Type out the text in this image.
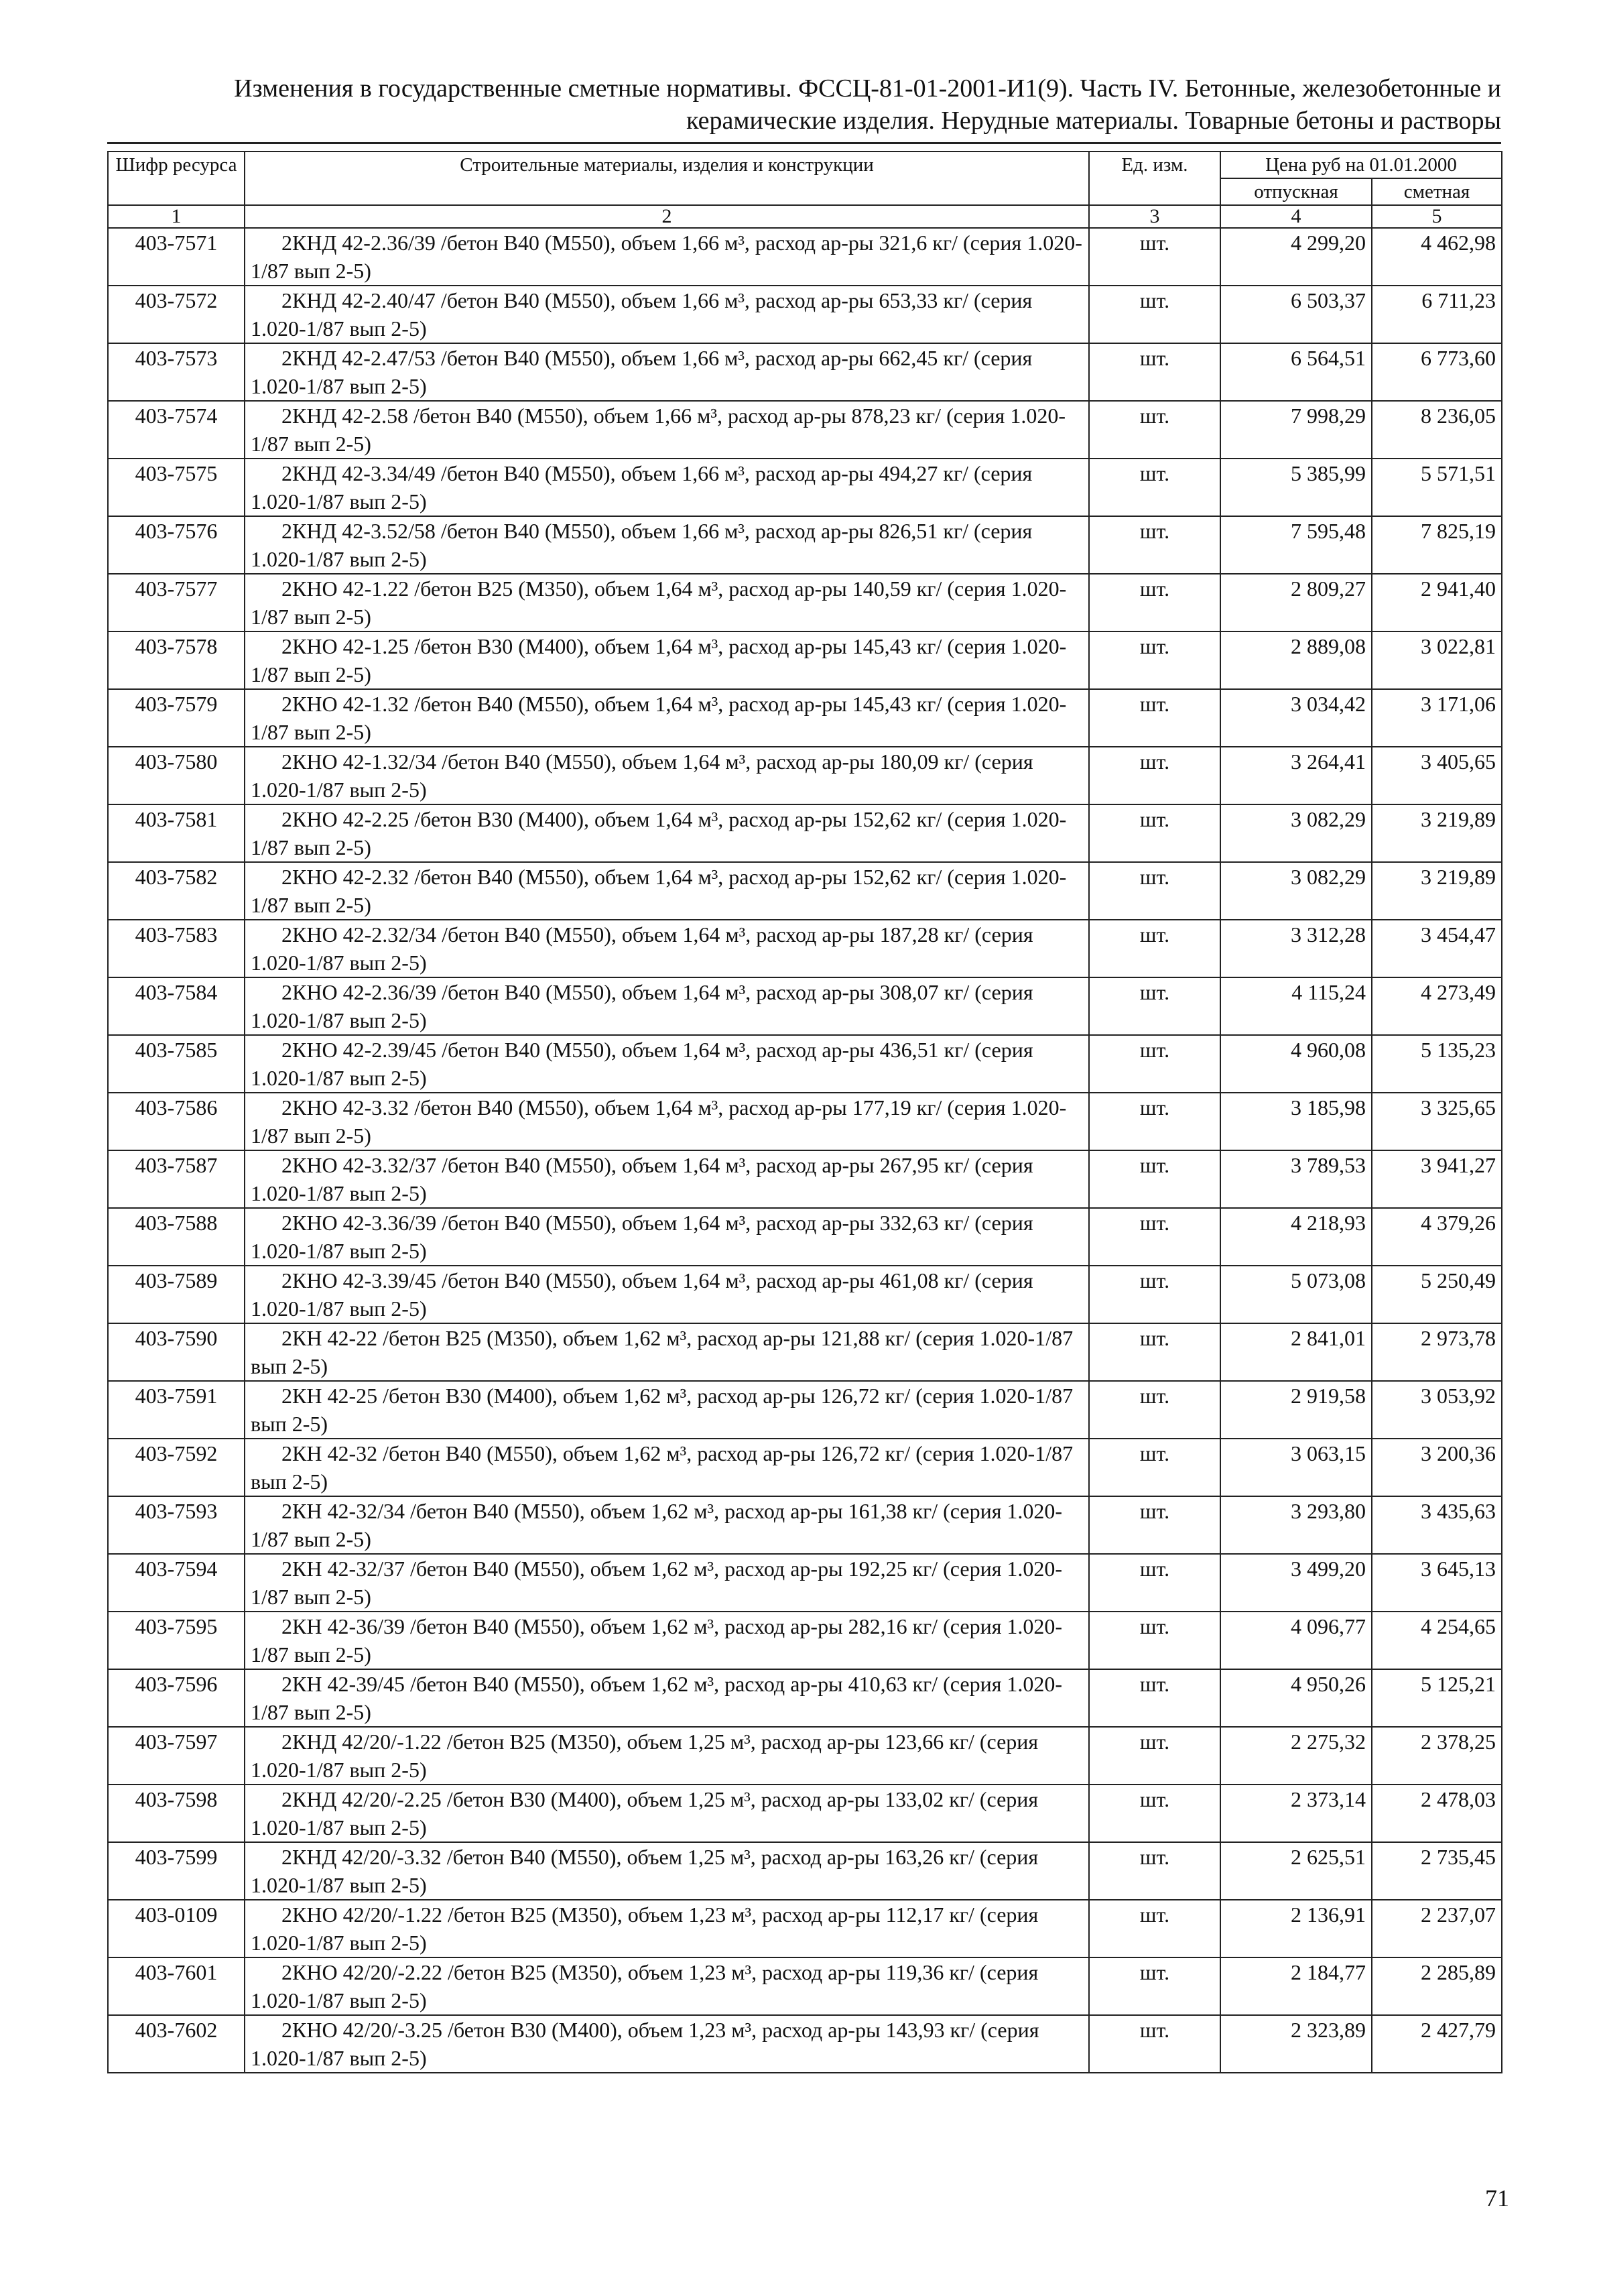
Изменения в государственные сметные нормативы. ФССЦ-81-01-2001-И1(9). Часть IV. Бетонные, железобетонные и
керамические изделия. Нерудные материалы. Товарные бетоны и растворы
Шифр ресурса	Строительные материалы, изделия и конструкции	Ед. изм.	Цена руб на 01.01.2000	
			отпускная	сметная
1	2	3	4	5
403-7571	2КНД 42-2.36/39 /бетон В40 (М550), объем 1,66 м³, расход ар-ры 321,6 кг/ (серия 1.020-1/87 вып 2-5)	шт.	4 299,20	4 462,98
403-7572	2КНД 42-2.40/47 /бетон В40 (М550), объем 1,66 м³, расход ар-ры 653,33 кг/ (серия 1.020-1/87 вып 2-5)	шт.	6 503,37	6 711,23
403-7573	2КНД 42-2.47/53 /бетон В40 (М550), объем 1,66 м³, расход ар-ры 662,45 кг/ (серия 1.020-1/87 вып 2-5)	шт.	6 564,51	6 773,60
403-7574	2КНД 42-2.58 /бетон В40 (М550), объем 1,66 м³, расход ар-ры 878,23 кг/ (серия 1.020-1/87 вып 2-5)	шт.	7 998,29	8 236,05
403-7575	2КНД 42-3.34/49 /бетон В40 (М550), объем 1,66 м³, расход ар-ры 494,27 кг/ (серия 1.020-1/87 вып 2-5)	шт.	5 385,99	5 571,51
403-7576	2КНД 42-3.52/58 /бетон В40 (М550), объем 1,66 м³, расход ар-ры 826,51 кг/ (серия 1.020-1/87 вып 2-5)	шт.	7 595,48	7 825,19
403-7577	2КНО 42-1.22 /бетон В25 (М350), объем 1,64 м³, расход ар-ры 140,59 кг/ (серия 1.020-1/87 вып 2-5)	шт.	2 809,27	2 941,40
403-7578	2КНО 42-1.25 /бетон В30 (М400), объем 1,64 м³, расход ар-ры 145,43 кг/ (серия 1.020-1/87 вып 2-5)	шт.	2 889,08	3 022,81
403-7579	2КНО 42-1.32 /бетон В40 (М550), объем 1,64 м³, расход ар-ры 145,43 кг/ (серия 1.020-1/87 вып 2-5)	шт.	3 034,42	3 171,06
403-7580	2КНО 42-1.32/34 /бетон В40 (М550), объем 1,64 м³, расход ар-ры 180,09 кг/ (серия 1.020-1/87 вып 2-5)	шт.	3 264,41	3 405,65
403-7581	2КНО 42-2.25 /бетон В30 (М400), объем 1,64 м³, расход ар-ры 152,62 кг/ (серия 1.020-1/87 вып 2-5)	шт.	3 082,29	3 219,89
403-7582	2КНО 42-2.32 /бетон В40 (М550), объем 1,64 м³, расход ар-ры 152,62 кг/ (серия 1.020-1/87 вып 2-5)	шт.	3 082,29	3 219,89
403-7583	2КНО 42-2.32/34 /бетон В40 (М550), объем 1,64 м³, расход ар-ры 187,28 кг/ (серия 1.020-1/87 вып 2-5)	шт.	3 312,28	3 454,47
403-7584	2КНО 42-2.36/39 /бетон В40 (М550), объем 1,64 м³, расход ар-ры 308,07 кг/ (серия 1.020-1/87 вып 2-5)	шт.	4 115,24	4 273,49
403-7585	2КНО 42-2.39/45 /бетон В40 (М550), объем 1,64 м³, расход ар-ры 436,51 кг/ (серия 1.020-1/87 вып 2-5)	шт.	4 960,08	5 135,23
403-7586	2КНО 42-3.32 /бетон В40 (М550), объем 1,64 м³, расход ар-ры 177,19 кг/ (серия 1.020-1/87 вып 2-5)	шт.	3 185,98	3 325,65
403-7587	2КНО 42-3.32/37 /бетон В40 (М550), объем 1,64 м³, расход ар-ры 267,95 кг/ (серия 1.020-1/87 вып 2-5)	шт.	3 789,53	3 941,27
403-7588	2КНО 42-3.36/39 /бетон В40 (М550), объем 1,64 м³, расход ар-ры 332,63 кг/ (серия 1.020-1/87 вып 2-5)	шт.	4 218,93	4 379,26
403-7589	2КНО 42-3.39/45 /бетон В40 (М550), объем 1,64 м³, расход ар-ры 461,08 кг/ (серия 1.020-1/87 вып 2-5)	шт.	5 073,08	5 250,49
403-7590	2КН 42-22 /бетон В25 (М350), объем 1,62 м³, расход ар-ры 121,88 кг/ (серия 1.020-1/87 вып 2-5)	шт.	2 841,01	2 973,78
403-7591	2КН 42-25 /бетон В30 (М400), объем 1,62 м³, расход ар-ры 126,72 кг/ (серия 1.020-1/87 вып 2-5)	шт.	2 919,58	3 053,92
403-7592	2КН 42-32 /бетон В40 (М550), объем 1,62 м³, расход ар-ры 126,72 кг/ (серия 1.020-1/87 вып 2-5)	шт.	3 063,15	3 200,36
403-7593	2КН 42-32/34 /бетон В40 (М550), объем 1,62 м³, расход ар-ры 161,38 кг/ (серия 1.020-1/87 вып 2-5)	шт.	3 293,80	3 435,63
403-7594	2КН 42-32/37 /бетон В40 (М550), объем 1,62 м³, расход ар-ры 192,25 кг/ (серия 1.020-1/87 вып 2-5)	шт.	3 499,20	3 645,13
403-7595	2КН 42-36/39 /бетон В40 (М550), объем 1,62 м³, расход ар-ры 282,16 кг/ (серия 1.020-1/87 вып 2-5)	шт.	4 096,77	4 254,65
403-7596	2КН 42-39/45 /бетон В40 (М550), объем 1,62 м³, расход ар-ры 410,63 кг/ (серия 1.020-1/87 вып 2-5)	шт.	4 950,26	5 125,21
403-7597	2КНД 42/20/-1.22 /бетон В25 (М350), объем 1,25 м³, расход ар-ры 123,66 кг/ (серия 1.020-1/87 вып 2-5)	шт.	2 275,32	2 378,25
403-7598	2КНД 42/20/-2.25 /бетон В30 (М400), объем 1,25 м³, расход ар-ры 133,02 кг/ (серия 1.020-1/87 вып 2-5)	шт.	2 373,14	2 478,03
403-7599	2КНД 42/20/-3.32 /бетон В40 (М550), объем 1,25 м³, расход ар-ры 163,26 кг/ (серия 1.020-1/87 вып 2-5)	шт.	2 625,51	2 735,45
403-0109	2КНО 42/20/-1.22 /бетон В25 (М350), объем 1,23 м³, расход ар-ры 112,17 кг/ (серия 1.020-1/87 вып 2-5)	шт.	2 136,91	2 237,07
403-7601	2КНО 42/20/-2.22 /бетон В25 (М350), объем 1,23 м³, расход ар-ры 119,36 кг/ (серия 1.020-1/87 вып 2-5)	шт.	2 184,77	2 285,89
403-7602	2КНО 42/20/-3.25 /бетон В30 (М400), объем 1,23 м³, расход ар-ры 143,93 кг/ (серия 1.020-1/87 вып 2-5)	шт.	2 323,89	2 427,79
71
